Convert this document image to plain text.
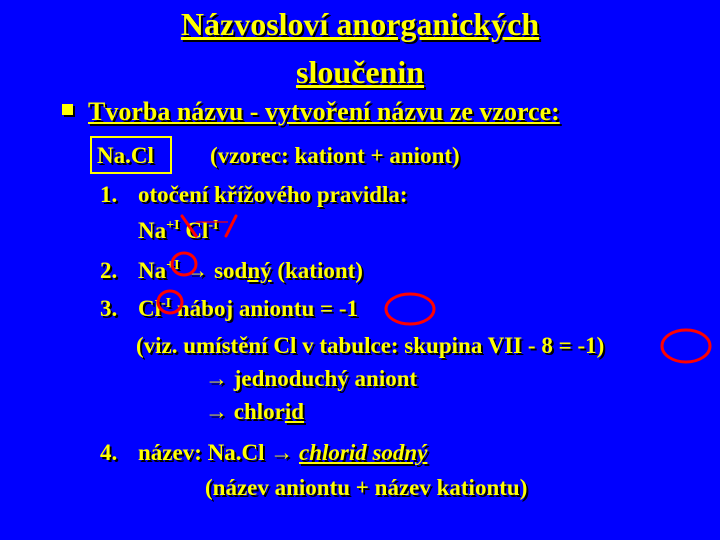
Názvosloví anorganických
sloučenin
Tvorba názvu - vytvoření názvu ze vzorce:
Na.Cl (vzorec: kationt + aniont)
1. otočení křížového pravidla:
$Na^{+I}$ $Cl^{-I}$
2. $Na^{+I}$ → sodný (kationt)
3. $Cl^{-I}$ náboj aniontu = -1
(viz. umístění Cl v tabulce: skupina VII - 8 = -1)
→ jednoduchý aniont
→ chlorid
4. název: Na.Cl → chlorid sodný
(název aniontu + název kationtu)
